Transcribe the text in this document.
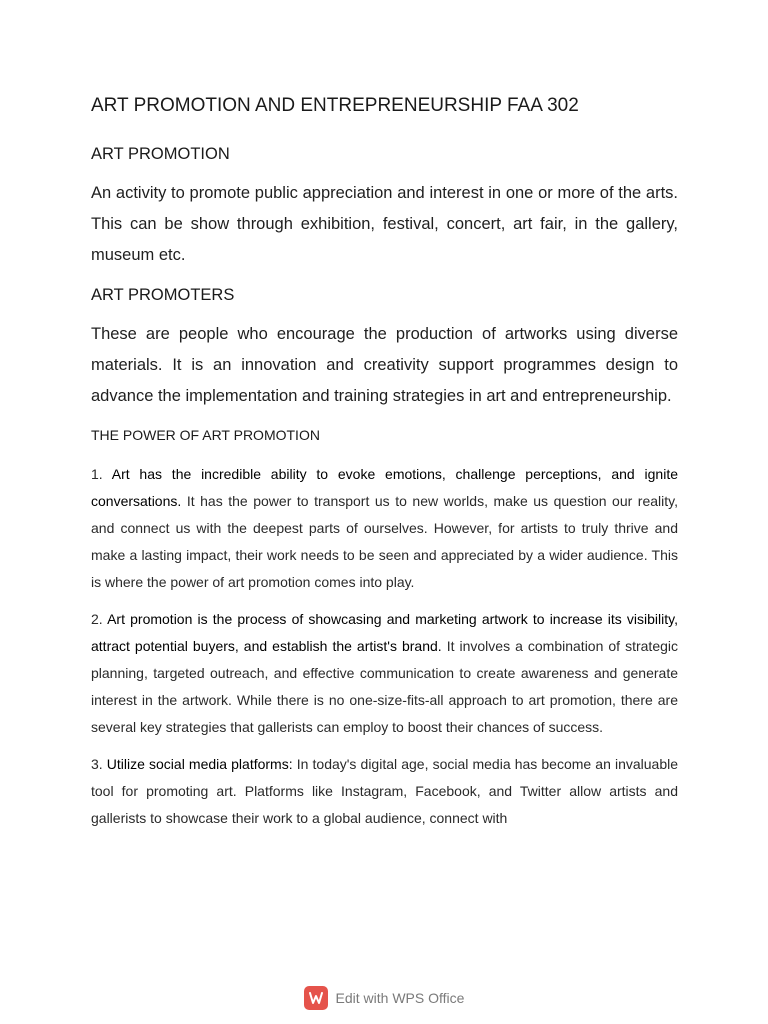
ART PROMOTION AND ENTREPRENEURSHIP FAA 302
ART PROMOTION

An activity to promote public appreciation and interest in one or more of the arts. This can be show through exhibition, festival, concert, art fair, in the gallery, museum etc.

ART PROMOTERS

These are people who encourage the production of artworks using diverse materials. It is an innovation and creativity support programmes design to advance the implementation and training strategies in art and entrepreneurship.

THE POWER OF ART PROMOTION

1. Art has the incredible ability to evoke emotions, challenge perceptions, and ignite conversations. It has the power to transport us to new worlds, make us question our reality, and connect us with the deepest parts of ourselves. However, for artists to truly thrive and make a lasting impact, their work needs to be seen and appreciated by a wider audience. This is where the power of art promotion comes into play.

2. Art promotion is the process of showcasing and marketing artwork to increase its visibility, attract potential buyers, and establish the artist's brand. It involves a combination of strategic planning, targeted outreach, and effective communication to create awareness and generate interest in the artwork. While there is no one-size-fits-all approach to art promotion, there are several key strategies that gallerists can employ to boost their chances of success.

3. Utilize social media platforms: In today's digital age, social media has become an invaluable tool for promoting art. Platforms like Instagram, Facebook, and Twitter allow artists and gallerists to showcase their work to a global audience, connect with

Edit with WPS Office
